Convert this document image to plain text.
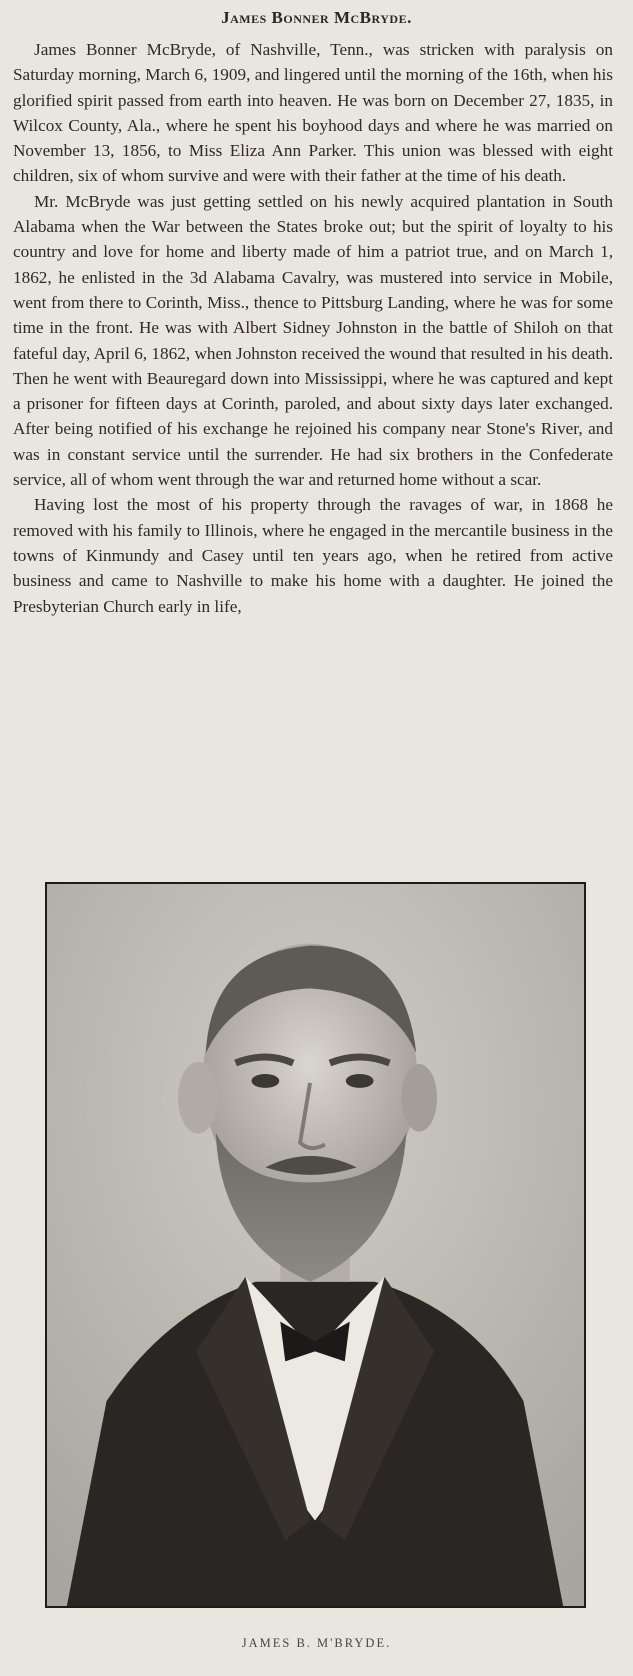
James Bonner McBryde.

James Bonner McBryde, of Nashville, Tenn., was stricken with paralysis on Saturday morning, March 6, 1909, and lingered until the morning of the 16th, when his glorified spirit passed from earth into heaven. He was born on December 27, 1835, in Wilcox County, Ala., where he spent his boyhood days and where he was married on November 13, 1856, to Miss Eliza Ann Parker. This union was blessed with eight children, six of whom survive and were with their father at the time of his death.

Mr. McBryde was just getting settled on his newly acquired plantation in South Alabama when the War between the States broke out; but the spirit of loyalty to his country and love for home and liberty made of him a patriot true, and on March 1, 1862, he enlisted in the 3d Alabama Cavalry, was mustered into service in Mobile, went from there to Corinth, Miss., thence to Pittsburg Landing, where he was for some time in the front. He was with Albert Sidney Johnston in the battle of Shiloh on that fateful day, April 6, 1862, when Johnston received the wound that resulted in his death. Then he went with Beauregard down into Mississippi, where he was captured and kept a prisoner for fifteen days at Corinth, paroled, and about sixty days later exchanged. After being notified of his exchange he rejoined his company near Stone's River, and was in constant service until the surrender. He had six brothers in the Confederate service, all of whom went through the war and returned home without a scar.

Having lost the most of his property through the ravages of war, in 1868 he removed with his family to Illinois, where he engaged in the mercantile business in the towns of Kinmundy and Casey until ten years ago, when he retired from active business and came to Nashville to make his home with a daughter. He joined the Presbyterian Church early in life,

JAMES B. M'BRYDE.
